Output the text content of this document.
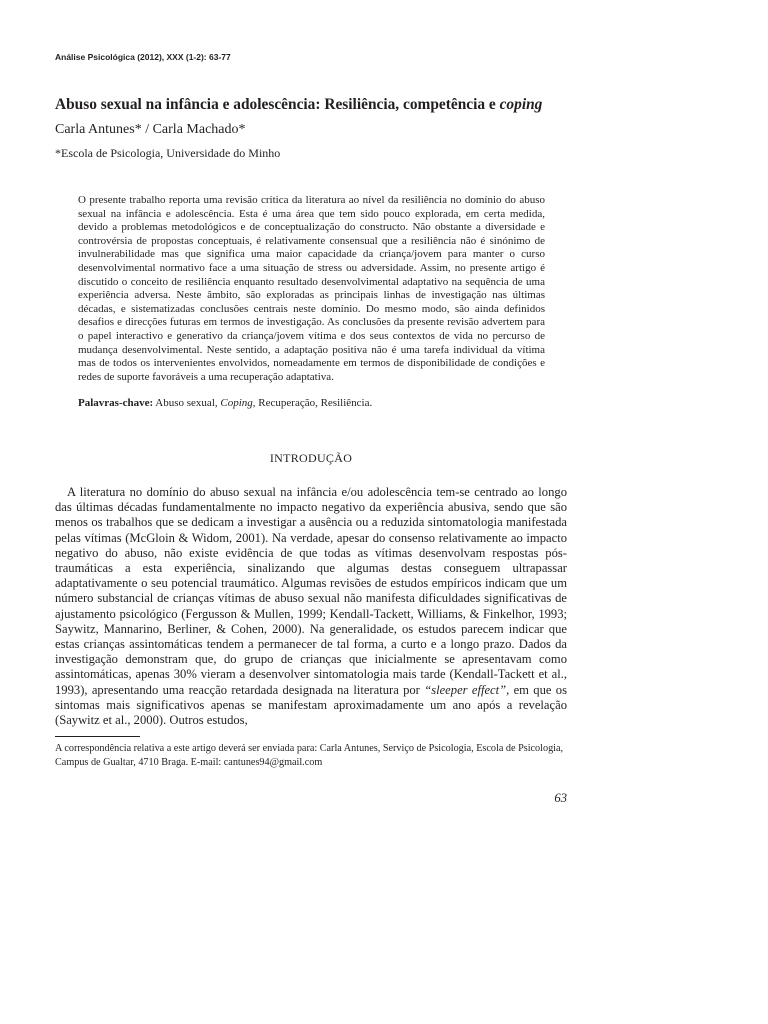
Análise Psicológica (2012), XXX (1-2): 63-77
Abuso sexual na infância e adolescência: Resiliência, competência e coping
Carla Antunes* / Carla Machado*
*Escola de Psicologia, Universidade do Minho

O presente trabalho reporta uma revisão crítica da literatura ao nível da resiliência no domínio do abuso sexual na infância e adolescência. Esta é uma área que tem sido pouco explorada, em certa medida, devido a problemas metodológicos e de conceptualização do constructo. Não obstante a diversidade e controvérsia de propostas conceptuais, é relativamente consensual que a resiliência não é sinónimo de invulnerabilidade mas que significa uma maior capacidade da criança/jovem para manter o curso desenvolvimental normativo face a uma situação de stress ou adversidade. Assim, no presente artigo é discutido o conceito de resiliência enquanto resultado desenvolvimental adaptativo na sequência de uma experiência adversa. Neste âmbito, são exploradas as principais linhas de investigação nas últimas décadas, e sistematizadas conclusões centrais neste domínio. Do mesmo modo, são ainda definidos desafios e direcções futuras em termos de investigação. As conclusões da presente revisão advertem para o papel interactivo e generativo da criança/jovem vítima e dos seus contextos de vida no percurso de mudança desenvolvimental. Neste sentido, a adaptação positiva não é uma tarefa individual da vítima mas de todos os intervenientes envolvidos, nomeadamente em termos de disponibilidade de condições e redes de suporte favoráveis a uma recuperação adaptativa.

Palavras-chave: Abuso sexual, Coping, Recuperação, Resiliência.
INTRODUÇÃO

A literatura no domínio do abuso sexual na infância e/ou adolescência tem-se centrado ao longo das últimas décadas fundamentalmente no impacto negativo da experiência abusiva, sendo que são menos os trabalhos que se dedicam a investigar a ausência ou a reduzida sintomatologia manifestada pelas vítimas (McGloin & Widom, 2001). Na verdade, apesar do consenso relativamente ao impacto negativo do abuso, não existe evidência de que todas as vítimas desenvolvam respostas pós-traumáticas a esta experiência, sinalizando que algumas destas conseguem ultrapassar adaptativamente o seu potencial traumático. Algumas revisões de estudos empíricos indicam que um número substancial de crianças vítimas de abuso sexual não manifesta dificuldades significativas de ajustamento psicológico (Fergusson & Mullen, 1999; Kendall-Tackett, Williams, & Finkelhor, 1993; Saywitz, Mannarino, Berliner, & Cohen, 2000). Na generalidade, os estudos parecem indicar que estas crianças assintomáticas tendem a permanecer de tal forma, a curto e a longo prazo. Dados da investigação demonstram que, do grupo de crianças que inicialmente se apresentavam como assintomáticas, apenas 30% vieram a desenvolver sintomatologia mais tarde (Kendall-Tackett et al., 1993), apresentando uma reacção retardada designada na literatura por “sleeper effect”, em que os sintomas mais significativos apenas se manifestam aproximadamente um ano após a revelação (Saywitz et al., 2000). Outros estudos,

A correspondência relativa a este artigo deverá ser enviada para: Carla Antunes, Serviço de Psicologia, Escola de Psicologia, Campus de Gualtar, 4710 Braga. E-mail: cantunes94@gmail.com

63
